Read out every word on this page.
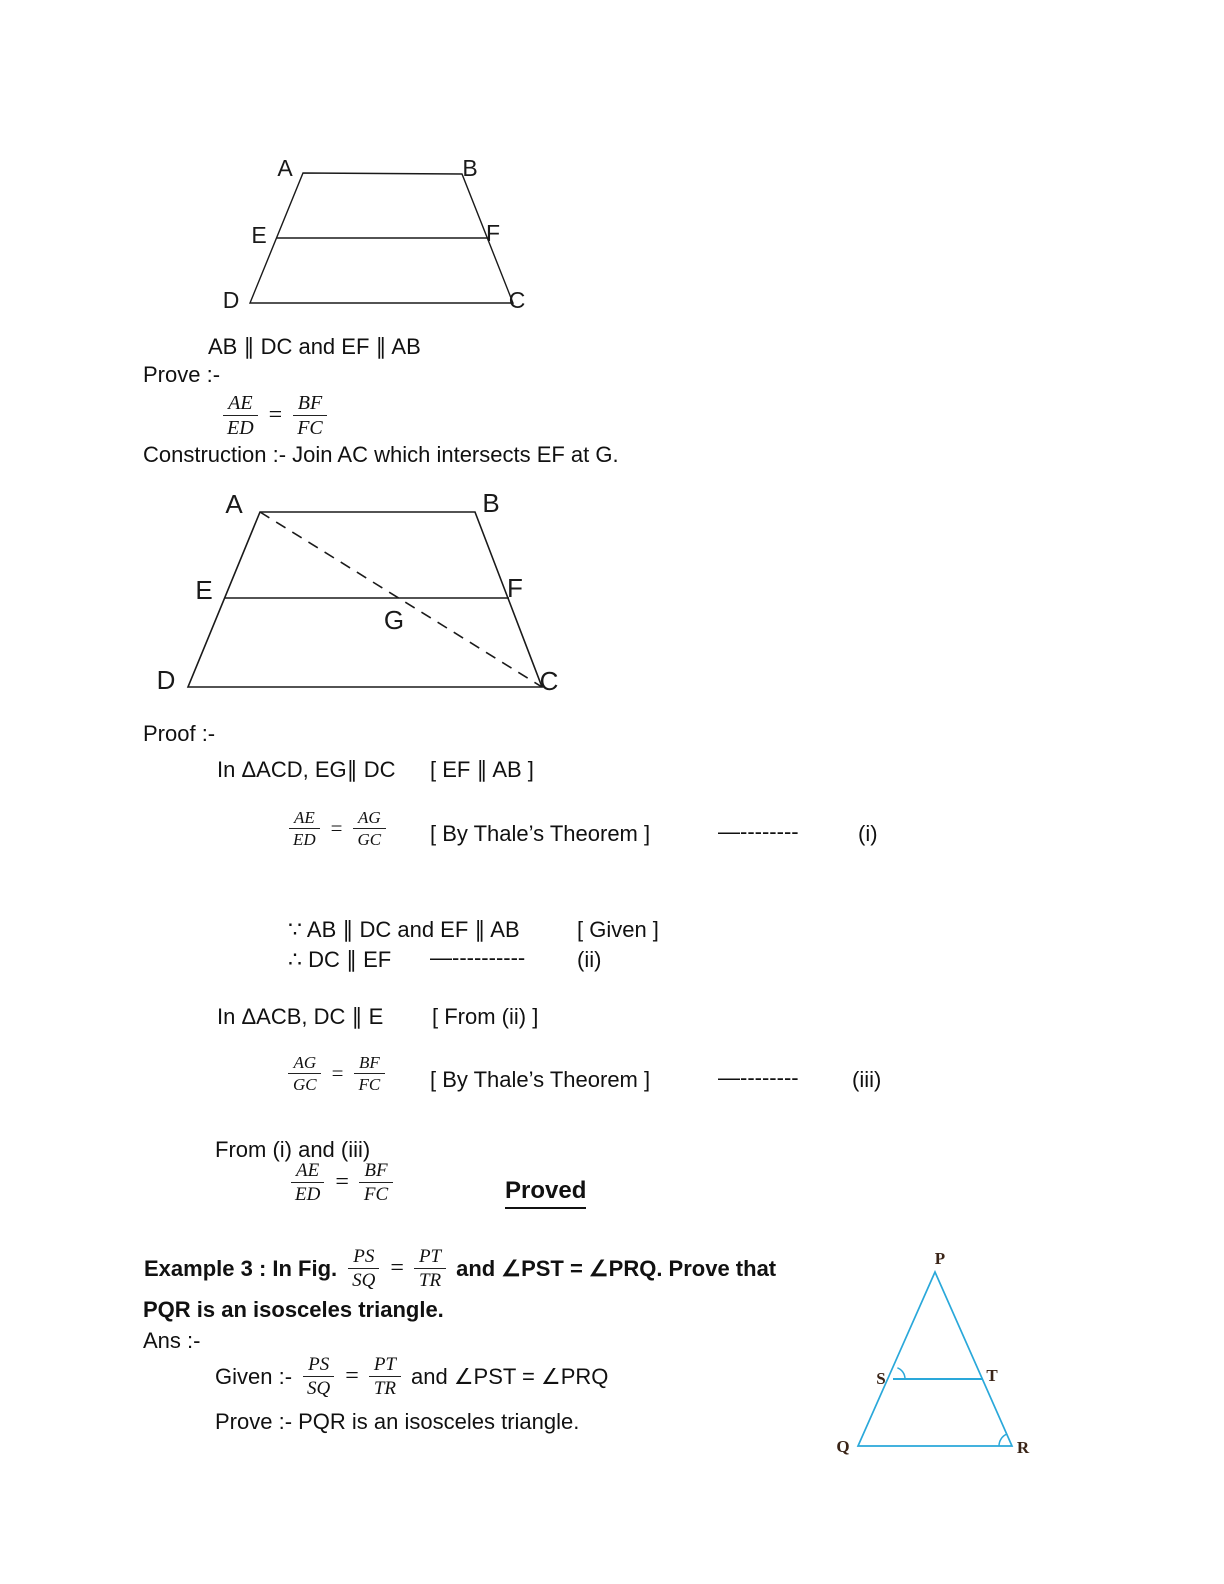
A	B
E	F
D	C
AB ∥ DC and EF ∥ AB
Prove :-
$\frac{AE}{ED} = \frac{BF}{FC}$
Construction :- Join AC which intersects EF at G.
A	B
E	F
G
D	C
Proof :-
In ΔACD, EG∥ DC [ EF ∥ AB ]
$\frac{AE}{ED} = \frac{AG}{GC}$ [ By Thale’s Theorem ]	—--------	(i)
∵ AB ∥ DC and EF ∥ AB	[ Given ]
∴ DC ∥ EF —---------- (ii)
In ΔACB, DC ∥ E [ From (ii) ]
$\frac{AG}{GC} = \frac{BF}{FC}$ [ By Thale’s Theorem ]	—-------- (iii)
From (i) and (iii)
$\frac{AE}{ED} = \frac{BF}{FC}$	Proved
Example 3 : In Fig. $\frac{PS}{SQ} = \frac{PT}{TR}$ and ∠PST = ∠PRQ. Prove that
PQR is an isosceles triangle.
Ans :-
Given :- $\frac{PS}{SQ} = \frac{PT}{TR}$ and ∠PST = ∠PRQ
Prove :- PQR is an isosceles triangle.
P
Q	R
S	T
